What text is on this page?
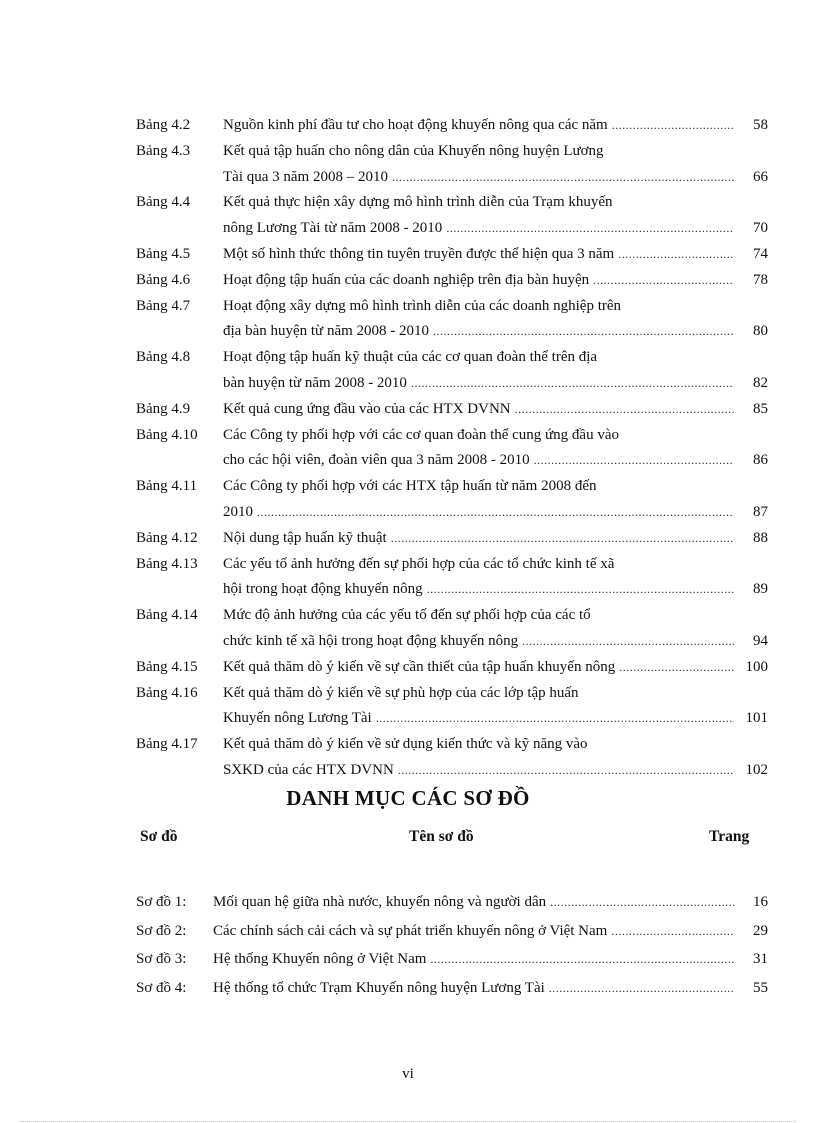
Bảng 4.2 Nguồn kinh phí đầu tư cho hoạt động khuyến nông qua các năm .....	58
Bảng 4.3 Kết quả tập huấn cho nông dân của Khuyến nông huyện Lương
Tài qua 3 năm 2008 – 2010 .....	66
Bảng 4.4 Kết quả thực hiện xây dựng mô hình trình diễn của Trạm khuyến
nông Lương Tài từ năm 2008 - 2010 .....	70
Bảng 4.5 Một số hình thức thông tin tuyên truyền được thể hiện qua 3 năm .....	74
Bảng 4.6 Hoạt động tập huấn của các doanh nghiệp trên địa bàn huyện .....	78
Bảng 4.7 Hoạt động xây dựng mô hình trình diễn của các doanh nghiệp trên
địa bàn huyện từ năm 2008 - 2010 .....	80
Bảng 4.8 Hoạt động tập huấn kỹ thuật của các cơ quan đoàn thể trên địa
bàn huyện từ năm 2008 - 2010 .....	82
Bảng 4.9 Kết quả cung ứng đầu vào của các HTX DVNN .....	85
Bảng 4.10 Các Công ty phối hợp với các cơ quan đoàn thể cung ứng đầu vào
cho các hội viên, đoàn viên qua 3 năm 2008 - 2010 .....	86
Bảng 4.11 Các Công ty phối hợp với các HTX tập huấn từ năm 2008 đến
2010 .....	87
Bảng 4.12 Nội dung tập huấn kỹ thuật .....	88
Bảng 4.13 Các yếu tố ảnh hưởng đến sự phối hợp của các tổ chức kinh tế xã
hội trong hoạt động khuyến nông .....	89
Bảng 4.14 Mức độ ảnh hưởng của các yếu tố đến sự phối hợp của các tổ
chức kinh tế xã hội trong hoạt động khuyến nông .....	94
Bảng 4.15 Kết quả thăm dò ý kiến về sự cần thiết của tập huấn khuyến nông .....	100
Bảng 4.16 Kết quả thăm dò ý kiến về sự phù hợp của các lớp tập huấn
Khuyến nông Lương Tài .....	101
Bảng 4.17 Kết quả thăm dò ý kiến về sử dụng kiến thức và kỹ năng vào
SXKD của các HTX DVNN .....	102
DANH MỤC CÁC SƠ ĐỒ
Sơ đồ	Tên sơ đồ	Trang
Sơ đồ 1: Mối quan hệ giữa nhà nước, khuyến nông và người dân .....	16
Sơ đồ 2: Các chính sách cải cách và sự phát triển khuyến nông ở Việt Nam .....	29
Sơ đồ 3: Hệ thống Khuyến nông ở Việt Nam .....	31
Sơ đồ 4: Hệ thống tổ chức Trạm Khuyến nông huyện Lương Tài .....	55
vi
